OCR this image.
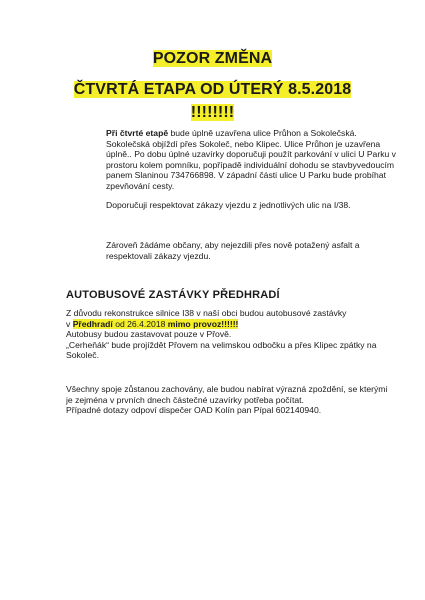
POZOR ZMĚNA
ČTVRTÁ ETAPA OD ÚTERÝ 8.5.2018
!!!!!!!!
Při čtvrté etapě bude úplně uzavřena ulice Průhon a Sokolečská.
Sokolečská objíždí přes Sokoleč, nebo Klipec. Ulice Průhon je uzavřena
úplně.. Po dobu úplné uzavírky doporučuji použít parkování v ulici U Parku v
prostoru kolem pomníku, popřípadě individuální dohodu se stavbyvedoucím
panem Slaninou 734766898. V západní části ulice U Parku bude probíhat
zpevňování cesty.
Doporučuji respektovat zákazy vjezdu z jednotlivých ulic na I/38.
Zároveň žádáme občany, aby nejezdili přes nově potažený asfalt a
respektovali zákazy vjezdu.
AUTOBUSOVÉ ZASTÁVKY PŘEDHRADÍ
Z důvodu rekonstrukce silnice I38 v naší obci budou autobusové zastávky
v Předhradí od 26.4.2018 mimo provoz!!!!!!
Autobusy budou zastavovat pouze v Přově.
„Cerheňák“ bude projíždět Přovem na velimskou odbočku a přes Klipec zpátky na
Sokoleč.
Všechny spoje zůstanou zachovány, ale budou nabírat výrazná zpoždění, se kterými
je zejména v prvních dnech částečné uzavírky potřeba počítat.
Případné dotazy odpoví dispečer OAD Kolín pan Pípal 602140940.
